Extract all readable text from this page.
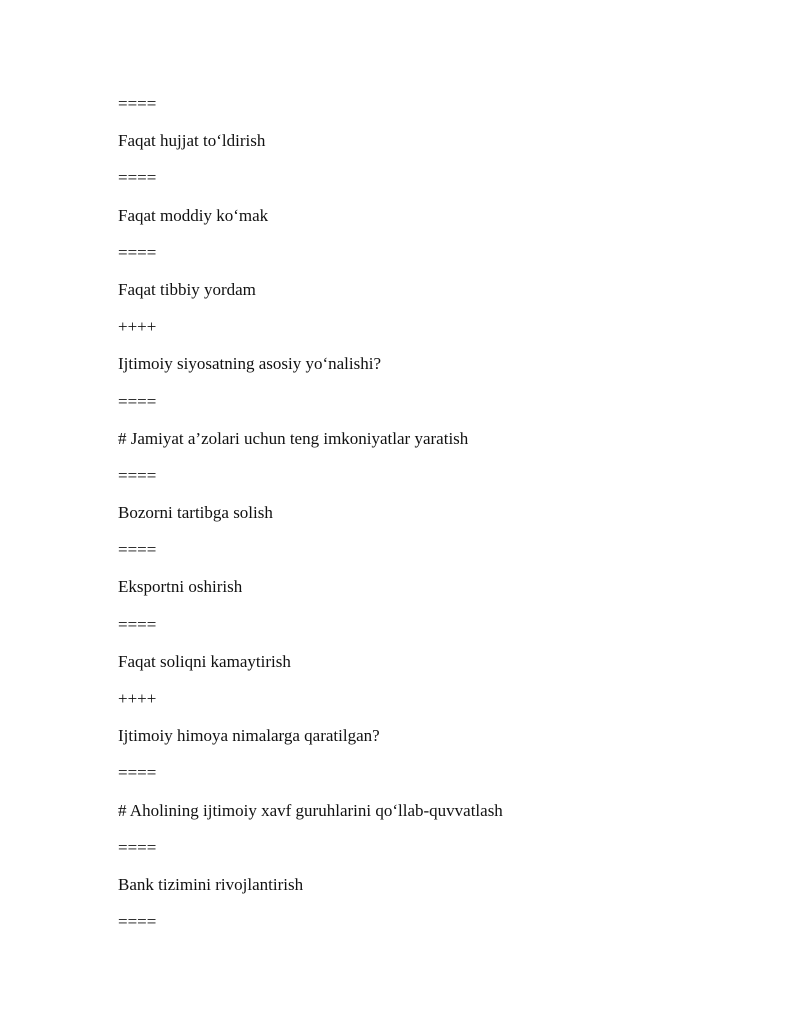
====
Faqat hujjat to‘ldirish
====
Faqat moddiy ko‘mak
====
Faqat tibbiy yordam
++++
Ijtimoiy siyosatning asosiy yo‘nalishi?
====
# Jamiyat a’zolari uchun teng imkoniyatlar yaratish
====
Bozorni tartibga solish
====
Eksportni oshirish
====
Faqat soliqni kamaytirish
++++
Ijtimoiy himoya nimalarga qaratilgan?
====
# Aholining ijtimoiy xavf guruhlarini qo‘llab-quvvatlash
====
Bank tizimini rivojlantirish
====
